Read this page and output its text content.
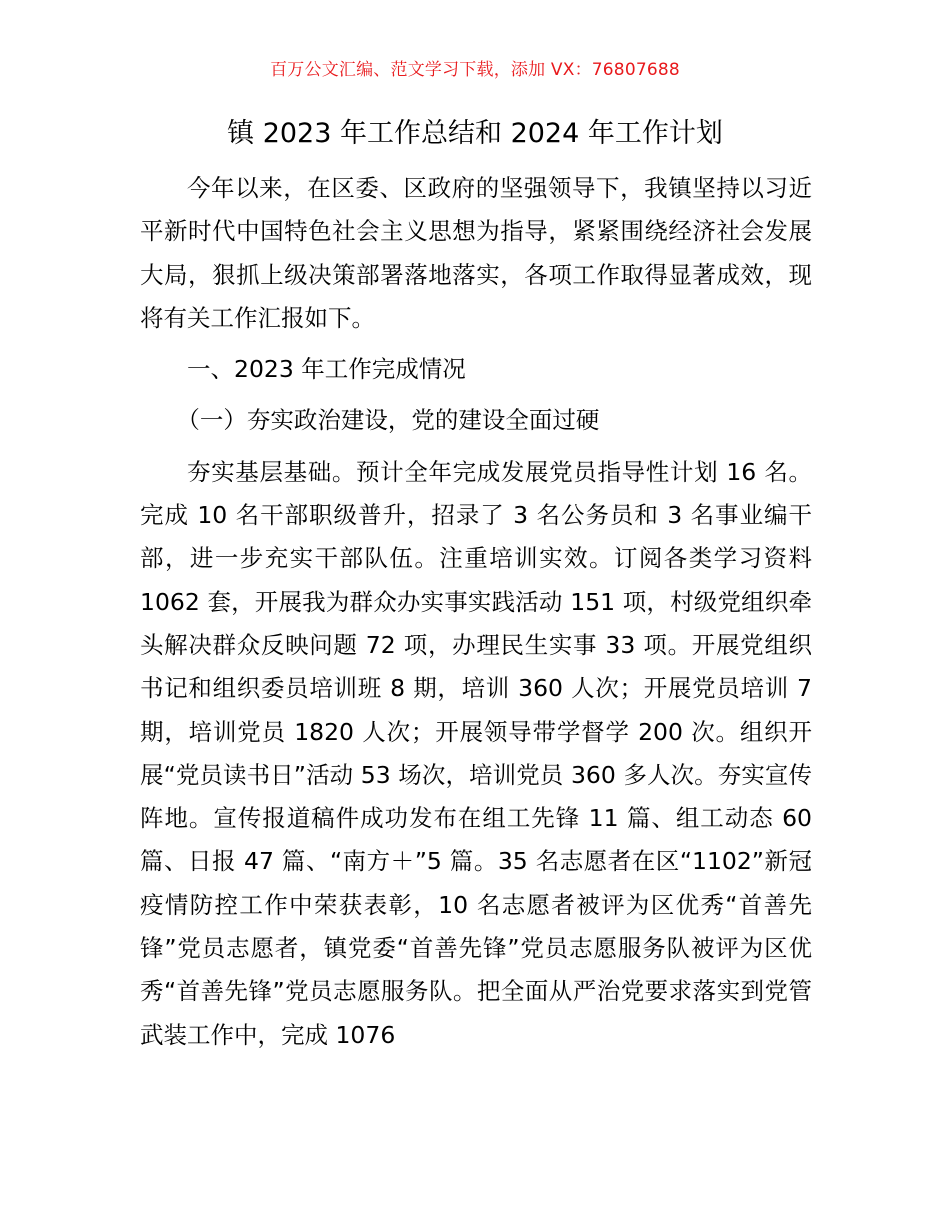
百万公文汇编、范文学习下载，添加 VX：76807688
镇 2023 年工作总结和 2024 年工作计划

今年以来，在区委、区政府的坚强领导下，我镇坚持以习近平新时代中国特色社会主义思想为指导，紧紧围绕经济社会发展大局，狠抓上级决策部署落地落实，各项工作取得显著成效，现将有关工作汇报如下。

一、2023 年工作完成情况

（一）夯实政治建设，党的建设全面过硬

夯实基层基础。预计全年完成发展党员指导性计划 16 名。完成 10 名干部职级普升，招录了 3 名公务员和 3 名事业编干部，进一步充实干部队伍。注重培训实效。订阅各类学习资料 1062 套，开展我为群众办实事实践活动 151 项，村级党组织牵头解决群众反映问题 72 项，办理民生实事 33 项。开展党组织书记和组织委员培训班 8 期，培训 360 人次；开展党员培训 7 期，培训党员 1820 人次；开展领导带学督学 200 次。组织开展“党员读书日”活动 53 场次，培训党员 360 多人次。夯实宣传阵地。宣传报道稿件成功发布在组工先锋 11 篇、组工动态 60 篇、日报 47 篇、“南方＋”5 篇。35 名志愿者在区“1102”新冠疫情防控工作中荣获表彰，10 名志愿者被评为区优秀“首善先锋”党员志愿者，镇党委“首善先锋”党员志愿服务队被评为区优秀“首善先锋”党员志愿服务队。把全面从严治党要求落实到党管武装工作中，完成 1076
